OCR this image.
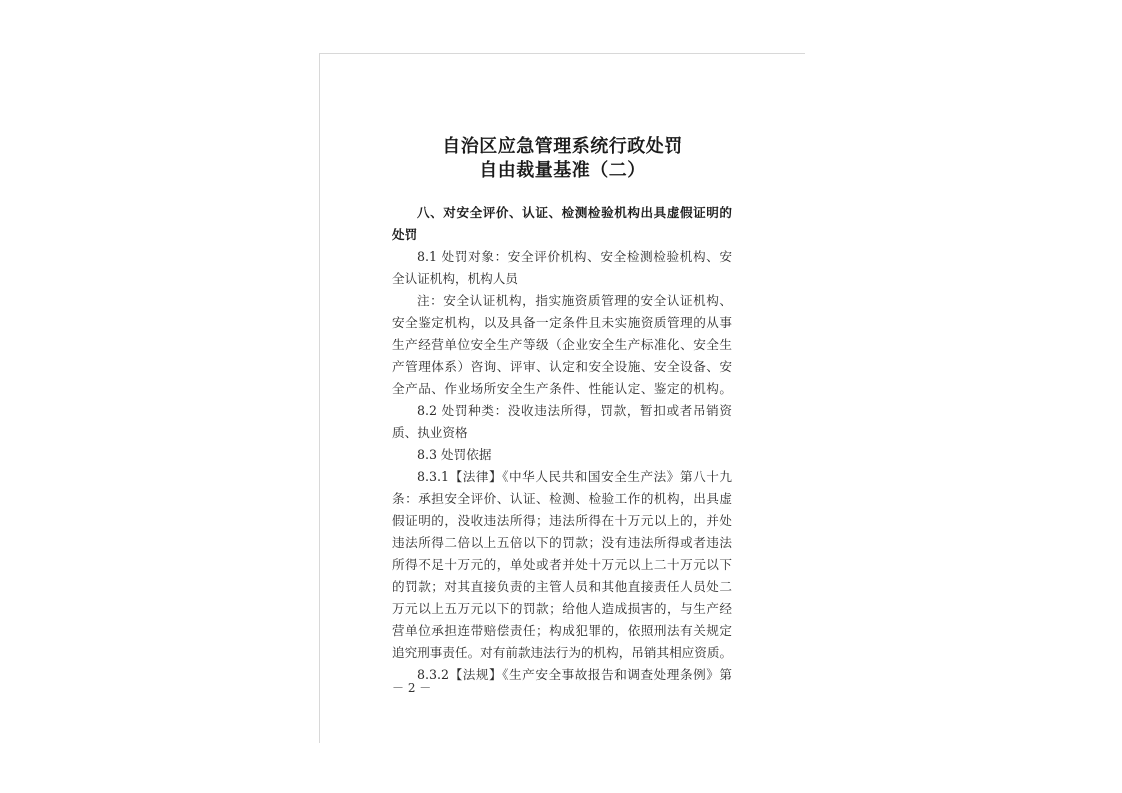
自治区应急管理系统行政处罚
自由裁量基准（二）
八、对安全评价、认证、检测检验机构出具虚假证明的
处罚
8.1 处罚对象：安全评价机构、安全检测检验机构、安
全认证机构，机构人员
注：安全认证机构，指实施资质管理的安全认证机构、
安全鉴定机构，以及具备一定条件且未实施资质管理的从事
生产经营单位安全生产等级（企业安全生产标准化、安全生
产管理体系）咨询、评审、认定和安全设施、安全设备、安
全产品、作业场所安全生产条件、性能认定、鉴定的机构。
8.2 处罚种类：没收违法所得，罚款，暂扣或者吊销资
质、执业资格
8.3 处罚依据
8.3.1【法律】《中华人民共和国安全生产法》第八十九
条：承担安全评价、认证、检测、检验工作的机构，出具虚
假证明的，没收违法所得；违法所得在十万元以上的，并处
违法所得二倍以上五倍以下的罚款；没有违法所得或者违法
所得不足十万元的，单处或者并处十万元以上二十万元以下
的罚款；对其直接负责的主管人员和其他直接责任人员处二
万元以上五万元以下的罚款；给他人造成损害的，与生产经
营单位承担连带赔偿责任；构成犯罪的，依照刑法有关规定
追究刑事责任。对有前款违法行为的机构，吊销其相应资质。
8.3.2【法规】《生产安全事故报告和调查处理条例》第
－ 2 －
